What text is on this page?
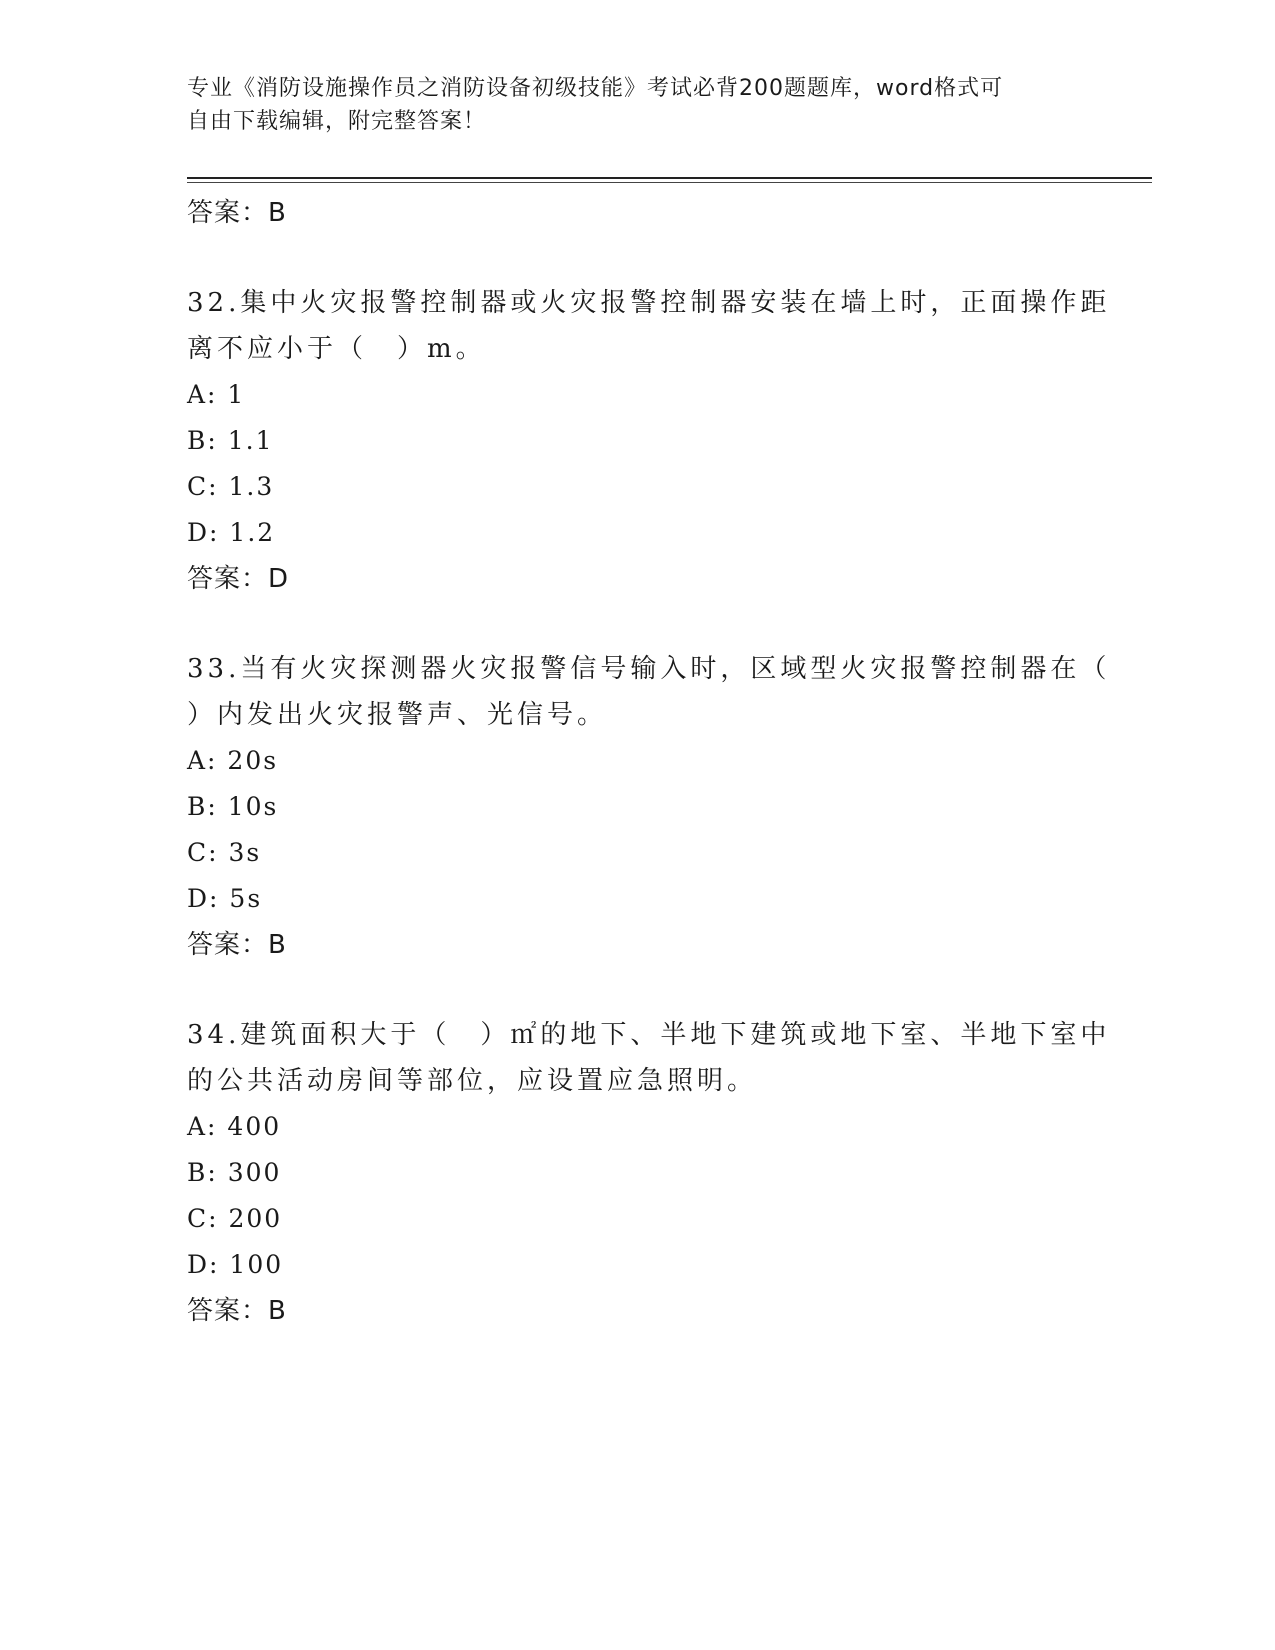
专业《消防设施操作员之消防设备初级技能》考试必背200题题库，word格式可
自由下载编辑，附完整答案！
答案：B
32.集中火灾报警控制器或火灾报警控制器安装在墙上时，正面操作距
离不应小于（　）m。
A: 1
B: 1.1
C: 1.3
D: 1.2
答案：D
33.当有火灾探测器火灾报警信号输入时，区域型火灾报警控制器在（
）内发出火灾报警声、光信号。
A: 20s
B: 10s
C: 3s
D: 5s
答案：B
34.建筑面积大于（　）㎡的地下、半地下建筑或地下室、半地下室中
的公共活动房间等部位，应设置应急照明。
A: 400
B: 300
C: 200
D: 100
答案：B
